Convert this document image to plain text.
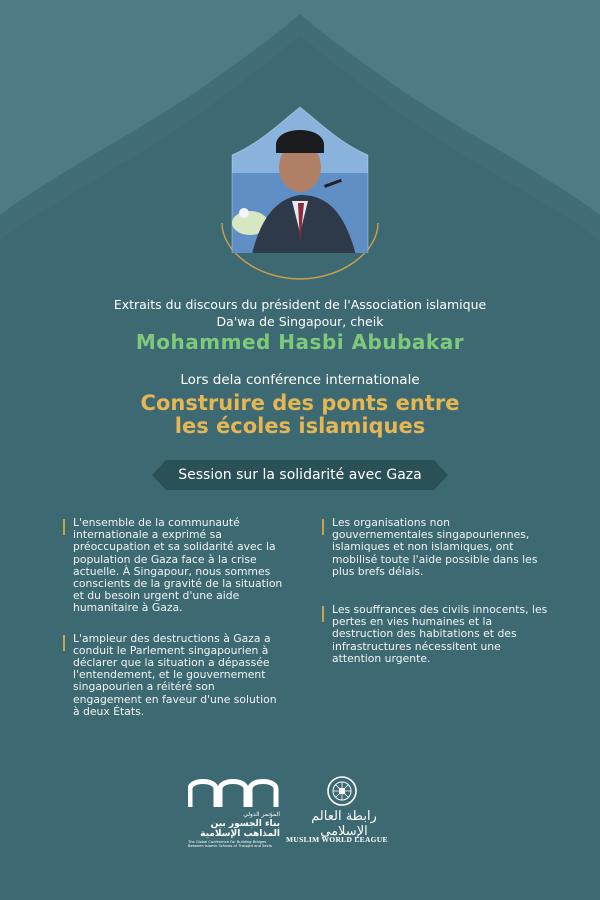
Extraits du discours du président de l'Association islamique
Da'wa de Singapour, cheik
Mohammed Hasbi Abubakar
Lors dela conférence internationale
Construire des ponts entre
les écoles islamiques
Session sur la solidarité avec Gaza

L'ensemble de la communauté internationale a exprimé sa préoccupation et sa solidarité avec la population de Gaza face à la crise actuelle. À Singapour, nous sommes conscients de la gravité de la situation et du besoin urgent d'une aide humanitaire à Gaza.

L'ampleur des destructions à Gaza a conduit le Parlement singapourien à déclarer que la situation a dépassée l'entendement, et le gouvernement singapourien a réitéré son engagement en faveur d'une solution à deux États.

Les organisations non gouvernementales singapouriennes, islamiques et non islamiques, ont mobilisé toute l'aide possible dans les plus brefs délais.

Les souffrances des civils innocents, les pertes en vies humaines et la destruction des habitations et des infrastructures nécessitent une attention urgente.

المؤتمر الدولي
بناء الجسور بين
المذاهب الإسلامية
The Global Conference For Building Bridges Between Islamic Schools of Thought and Sects
رابطة العالم الإسلامي
MUSLIM WORLD LEAGUE
